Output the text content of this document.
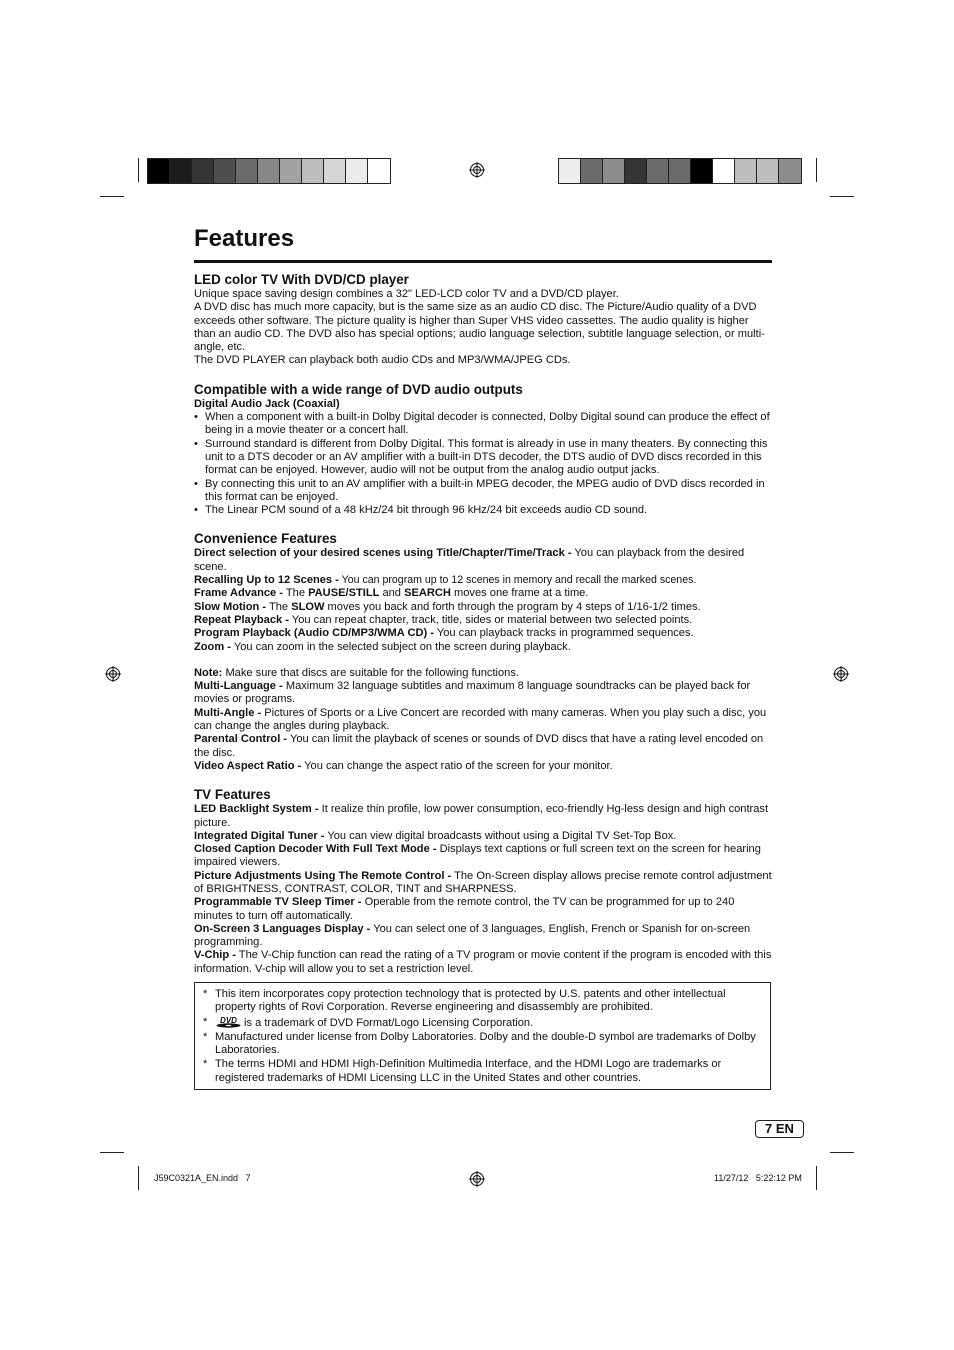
Features
LED color TV With DVD/CD player

Unique space saving design combines a 32" LED-LCD color TV and a DVD/CD player.

A DVD disc has much more capacity, but is the same size as an audio CD disc. The Picture/Audio quality of a DVD exceeds other software. The picture quality is higher than Super VHS video cassettes. The audio quality is higher than an audio CD. The DVD also has special options; audio language selection, subtitle language selection, or multi-angle, etc.

The DVD PLAYER can playback both audio CDs and MP3/WMA/JPEG CDs.

Compatible with a wide range of DVD audio outputs

Digital Audio Jack (Coaxial)

• When a component with a built-in Dolby Digital decoder is connected, Dolby Digital sound can produce the effect of being in a movie theater or a concert hall.
• Surround standard is different from Dolby Digital. This format is already in use in many theaters. By connecting this unit to a DTS decoder or an AV amplifier with a built-in DTS decoder, the DTS audio of DVD discs recorded in this format can be enjoyed. However, audio will not be output from the analog audio output jacks.
• By connecting this unit to an AV amplifier with a built-in MPEG decoder, the MPEG audio of DVD discs recorded in this format can be enjoyed.
• The Linear PCM sound of a 48 kHz/24 bit through 96 kHz/24 bit exceeds audio CD sound.
Convenience Features

Direct selection of your desired scenes using Title/Chapter/Time/Track - You can playback from the desired scene.

Recalling Up to 12 Scenes - You can program up to 12 scenes in memory and recall the marked scenes.

Frame Advance - The PAUSE/STILL and SEARCH moves one frame at a time.

Slow Motion - The SLOW moves you back and forth through the program by 4 steps of 1/16-1/2 times.

Repeat Playback - You can repeat chapter, track, title, sides or material between two selected points.

Program Playback (Audio CD/MP3/WMA CD) - You can playback tracks in programmed sequences.

Zoom - You can zoom in the selected subject on the screen during playback.

Note: Make sure that discs are suitable for the following functions.

Multi-Language - Maximum 32 language subtitles and maximum 8 language soundtracks can be played back for movies or programs.

Multi-Angle - Pictures of Sports or a Live Concert are recorded with many cameras. When you play such a disc, you can change the angles during playback.

Parental Control - You can limit the playback of scenes or sounds of DVD discs that have a rating level encoded on the disc.

Video Aspect Ratio - You can change the aspect ratio of the screen for your monitor.

TV Features

LED Backlight System - It realize thin profile, low power consumption, eco-friendly Hg-less design and high contrast picture.

Integrated Digital Tuner - You can view digital broadcasts without using a Digital TV Set-Top Box.

Closed Caption Decoder With Full Text Mode - Displays text captions or full screen text on the screen for hearing impaired viewers.

Picture Adjustments Using The Remote Control - The On-Screen display allows precise remote control adjustment of BRIGHTNESS, CONTRAST, COLOR, TINT and SHARPNESS.

Programmable TV Sleep Timer - Operable from the remote control, the TV can be programmed for up to 240 minutes to turn off automatically.

On-Screen 3 Languages Display - You can select one of 3 languages, English, French or Spanish for on-screen programming.

V-Chip - The V-Chip function can read the rating of a TV program or movie content if the program is encoded with this information. V-chip will allow you to set a restriction level.

* This item incorporates copy protection technology that is protected by U.S. patents and other intellectual property rights of Rovi Corporation. Reverse engineering and disassembly are prohibited.
* DVD is a trademark of DVD Format/Logo Licensing Corporation.
* Manufactured under license from Dolby Laboratories. Dolby and the double-D symbol are trademarks of Dolby Laboratories.
* The terms HDMI and HDMI High-Definition Multimedia Interface, and the HDMI Logo are trademarks or registered trademarks of HDMI Licensing LLC in the United States and other countries.
7 EN
J59C0321A_EN.indd   7	11/27/12   5:22:12 PM
